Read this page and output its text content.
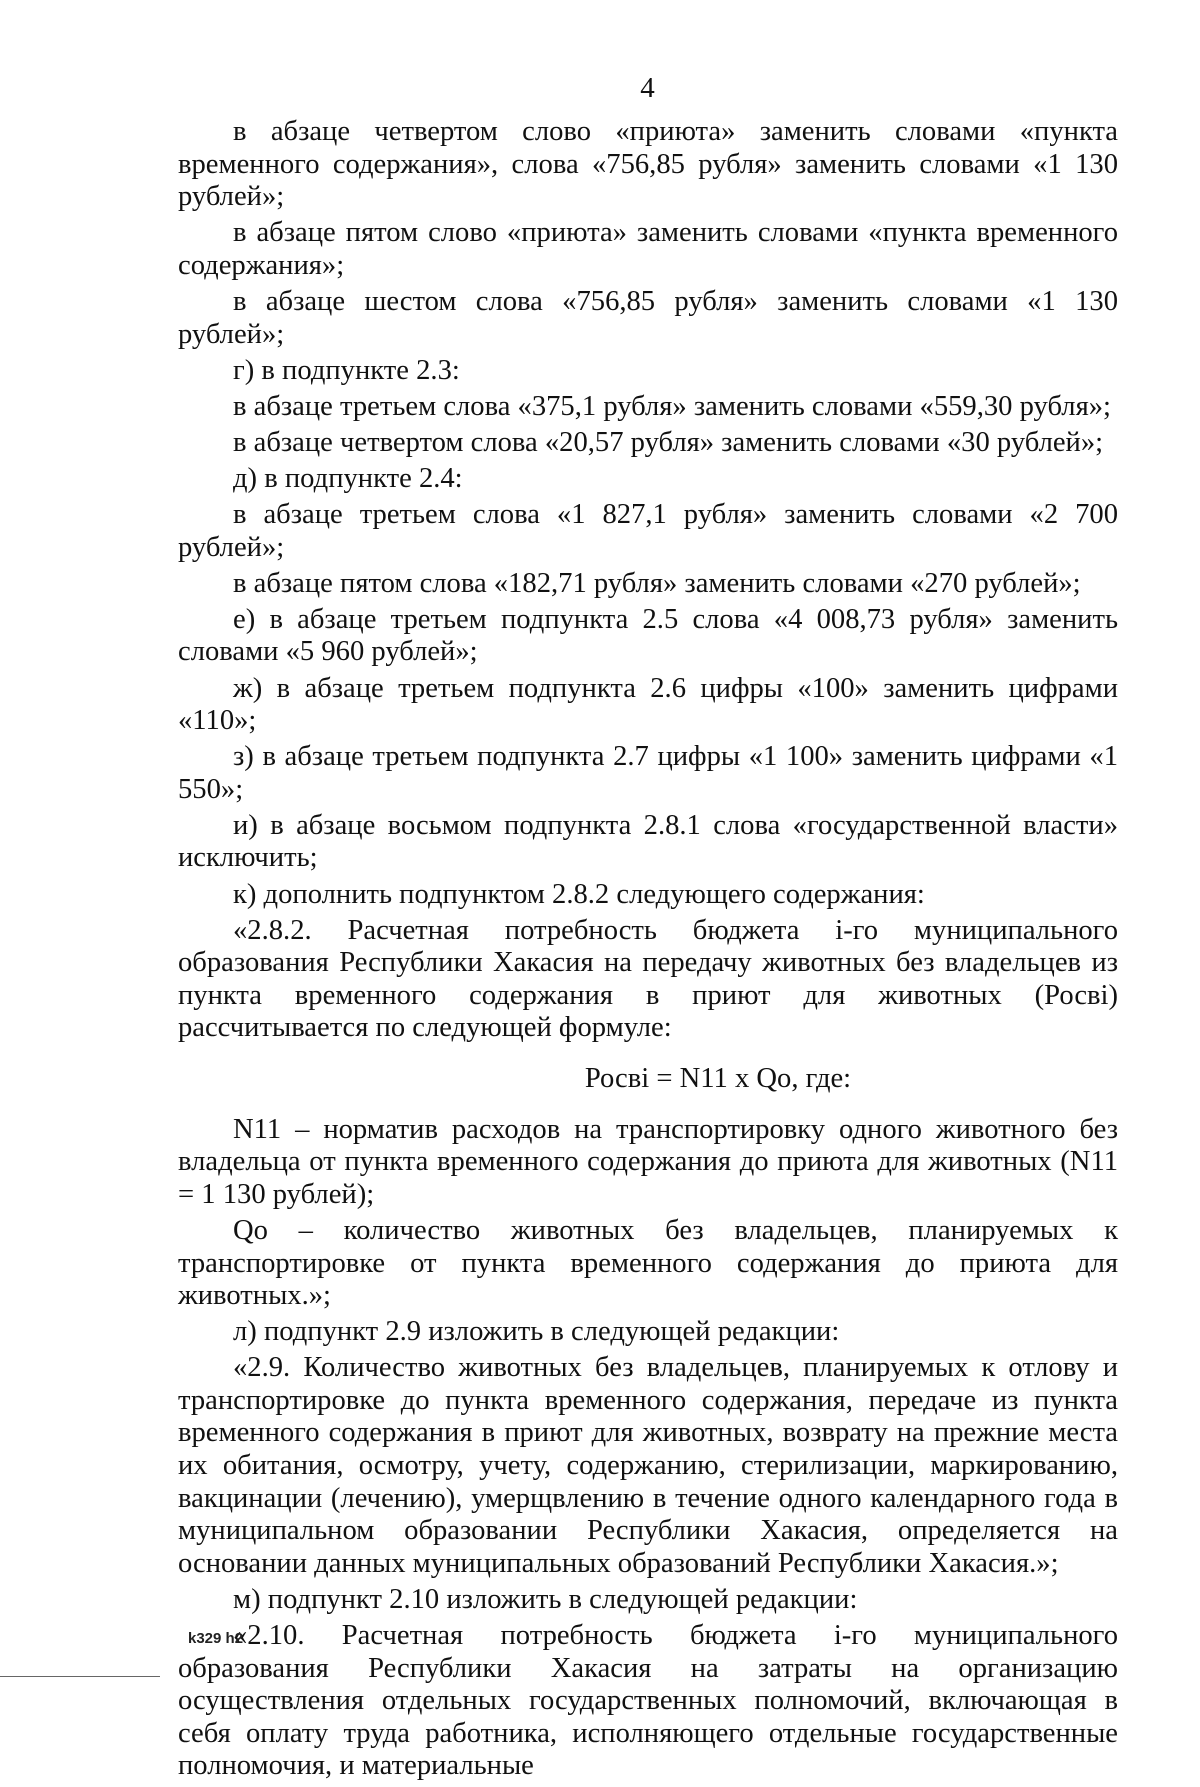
4

в абзаце четвертом слово «приюта» заменить словами «пункта временного содержания», слова «756,85 рубля» заменить словами «1 130 рублей»;

в абзаце пятом слово «приюта» заменить словами «пункта временного содержания»;

в абзаце шестом слова «756,85 рубля» заменить словами «1 130 рублей»;

г) в подпункте 2.3:

в абзаце третьем слова «375,1 рубля» заменить словами «559,30 рубля»;

в абзаце четвертом слова «20,57 рубля» заменить словами «30 рублей»;

д) в подпункте 2.4:

в абзаце третьем слова «1 827,1 рубля» заменить словами «2 700 рублей»;

в абзаце пятом слова «182,71 рубля» заменить словами «270 рублей»;

е) в абзаце третьем подпункта 2.5 слова «4 008,73 рубля» заменить словами «5 960 рублей»;

ж) в абзаце третьем подпункта 2.6 цифры «100» заменить цифрами «110»;

з) в абзаце третьем подпункта 2.7 цифры «1 100» заменить цифрами «1 550»;

и) в абзаце восьмом подпункта 2.8.1 слова «государственной власти» исключить;

к) дополнить подпунктом 2.8.2 следующего содержания:

«2.8.2. Расчетная потребность бюджета i-го муниципального образования Республики Хакасия на передачу животных без владельцев из пункта временного содержания в приют для животных (Росвi) рассчитывается по следующей формуле:

Росвi = N11 x Qо, где:

N11 – норматив расходов на транспортировку одного животного без владельца от пункта временного содержания до приюта для животных (N11 = 1 130 рублей);

Qо – количество животных без владельцев, планируемых к транспортировке от пункта временного содержания до приюта для животных.»;

л) подпункт 2.9 изложить в следующей редакции:

«2.9. Количество животных без владельцев, планируемых к отлову и транспортировке до пункта временного содержания, передаче из пункта временного содержания в приют для животных, возврату на прежние места их обитания, осмотру, учету, содержанию, стерилизации, маркированию, вакцинации (лечению), умерщвлению в течение одного календарного года в муниципальном образовании Республики Хакасия, определяется на основании данных муниципальных образований Республики Хакасия.»;

м) подпункт 2.10 изложить в следующей редакции:

«2.10. Расчетная потребность бюджета i-го муниципального образования Республики Хакасия на затраты на организацию осуществления отдельных государственных полномочий, включающая в себя оплату труда работника, исполняющего отдельные государственные полномочия, и материальные

k329 h2
